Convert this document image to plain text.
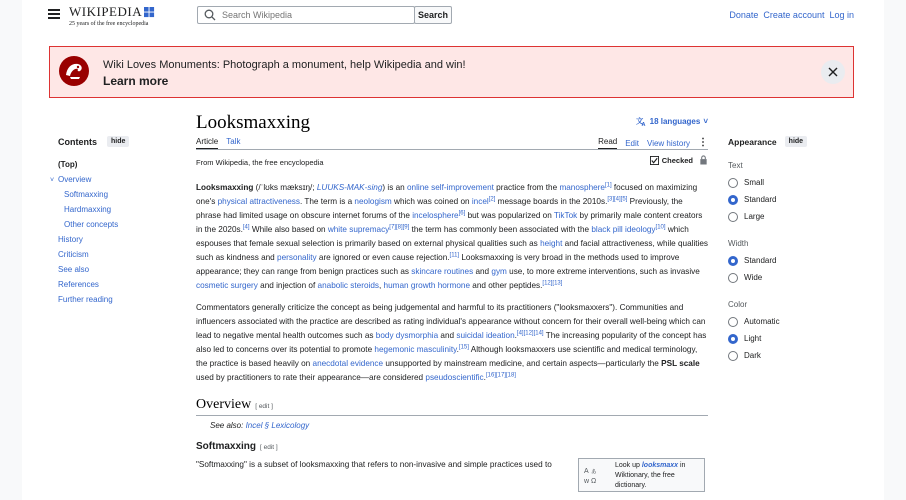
WIKIPEDIA
25 years of the free encyclopedia
Search Wikipedia
Search	Donate Create account Log in
Wiki Loves Monuments: Photograph a monument, help Wikipedia and win!
Learn more
Contents	hide
(Top)
˅ Overview
Softmaxxing
Hardmaxxing
Other concepts
History
Criticism
See also
References
Further reading
Looksmaxxing	文
A 18 languages ˅
Article Talk	Read Edit View history ⋮
From Wikipedia, the free encyclopedia	Checked
Looksmaxxing (/ˈlʊks mæksɪŋ/; LUUKS-MAK-sing) is an online self-improvement practice from the manosphere[1] focused on maximizing one's physical attractiveness. The term is a neologism which was coined on incel[2] message boards in the 2010s.[3][4][5] Previously, the phrase had limited usage on obscure internet forums of the incelosphere[6] but was popularized on TikTok by primarily male content creators in the 2020s.[4] While also based on white supremacy[7][8][9] the term has commonly been associated with the black pill ideology[10] which espouses that female sexual selection is primarily based on external physical qualities such as height and facial attractiveness, while qualities such as kindness and personality are ignored or even cause rejection.[11] Looksmaxxing is very broad in the methods used to improve appearance; they can range from benign practices such as skincare routines and gym use, to more extreme interventions, such as invasive cosmetic surgery and injection of anabolic steroids, human growth hormone and other peptides.[12][13]
Commentators generally criticize the concept as being judgemental and harmful to its practitioners ("looksmaxxers"). Communities and influencers associated with the practice are described as rating individual's appearance without concern for their overall well-being which can lead to negative mental health outcomes such as body dysmorphia and suicidal ideation.[4][12][14] The increasing popularity of the concept has also led to concerns over its potential to promote hegemonic masculinity.[15] Although looksmaxxers use scientific and medical terminology, the practice is based heavily on anecdotal evidence unsupported by mainstream medicine, and certain aspects—particularly the PSL scale used by practitioners to rate their appearance—are considered pseudoscientific.[16][17][18]
Overview [ edit ]
See also: Incel § Lexicology
Softmaxxing [ edit ]
"Softmaxxing" is a subset of looksmaxxing that refers to non-invasive and simple practices used to
A ぁ
w Ω
Look up looksmaxx in Wiktionary, the free dictionary.
Appearance	hide
Text
Small
Standard
Large
Width
Standard
Wide
Color
Automatic
Light
Dark
